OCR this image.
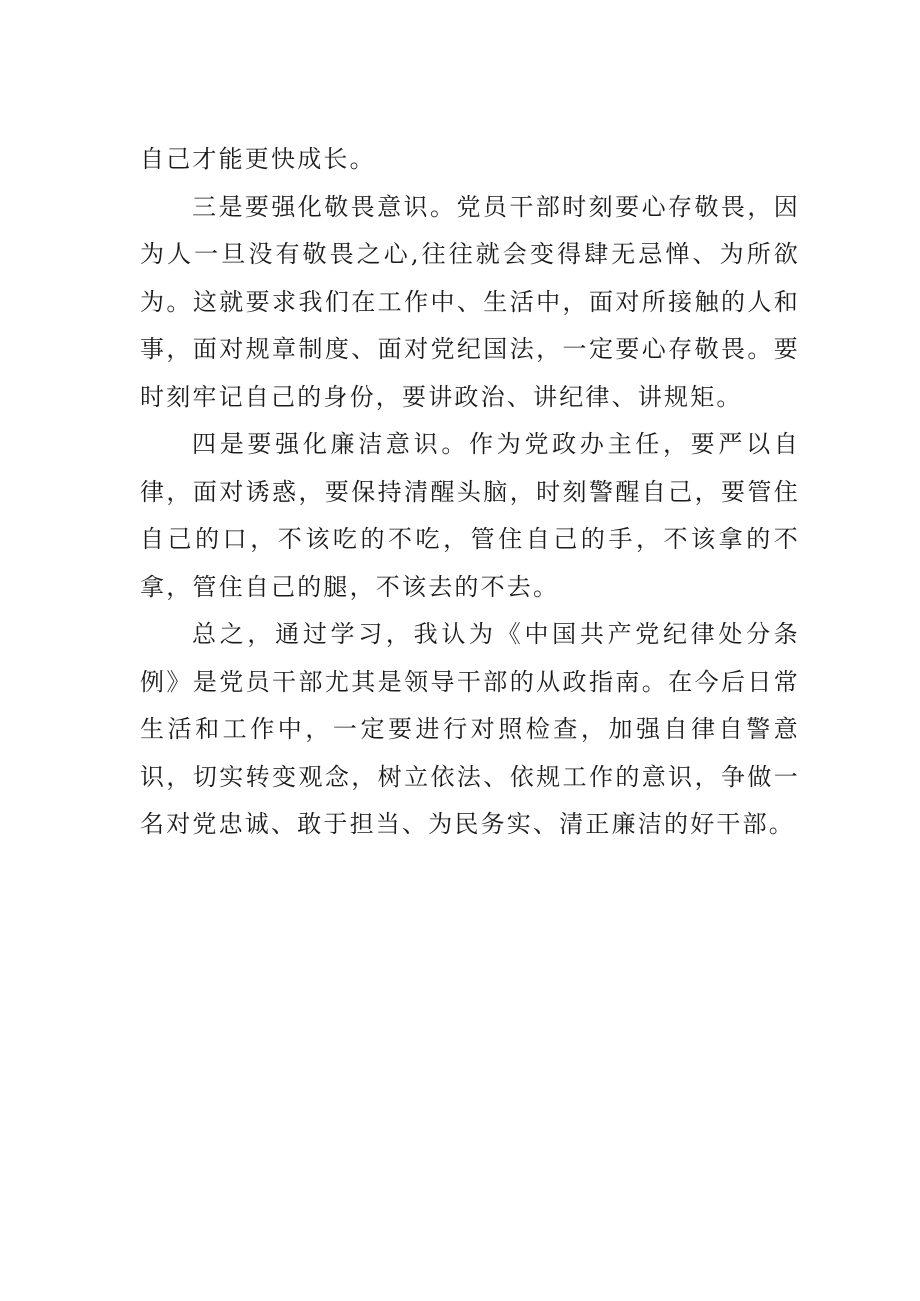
自己才能更快成长。

三是要强化敬畏意识。党员干部时刻要心存敬畏，因为人一旦没有敬畏之心,往往就会变得肆无忌惮、为所欲为。这就要求我们在工作中、生活中，面对所接触的人和事，面对规章制度、面对党纪国法，一定要心存敬畏。要时刻牢记自己的身份，要讲政治、讲纪律、讲规矩。

四是要强化廉洁意识。作为党政办主任，要严以自律，面对诱惑，要保持清醒头脑，时刻警醒自己，要管住自己的口，不该吃的不吃，管住自己的手，不该拿的不拿，管住自己的腿，不该去的不去。

总之，通过学习，我认为《中国共产党纪律处分条例》是党员干部尤其是领导干部的从政指南。在今后日常生活和工作中，一定要进行对照检查，加强自律自警意识，切实转变观念，树立依法、依规工作的意识，争做一名对党忠诚、敢于担当、为民务实、清正廉洁的好干部。
